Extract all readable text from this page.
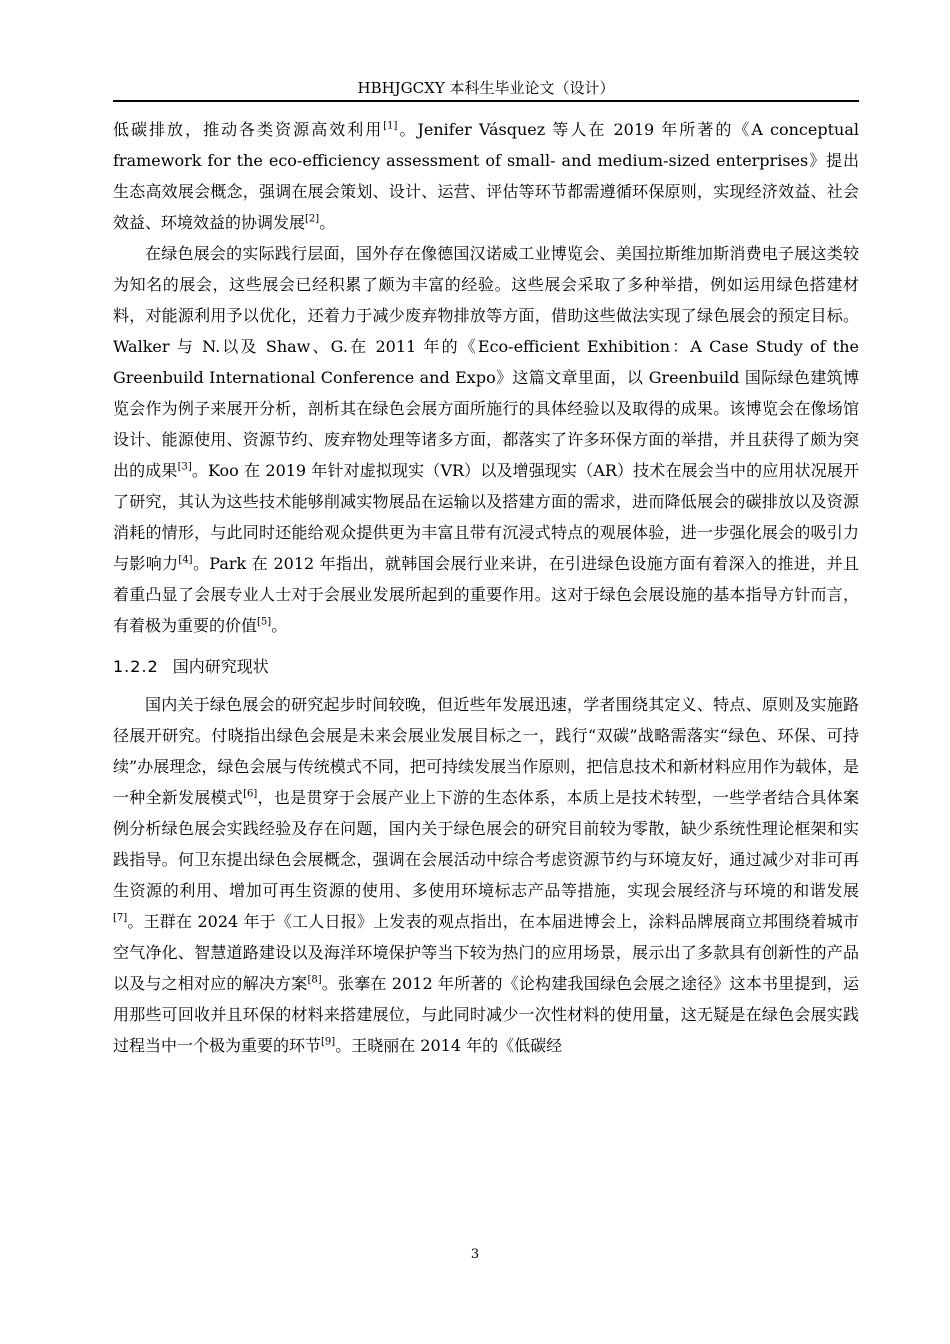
HBHJGCXY 本科生毕业论文（设计）

低碳排放，推动各类资源高效利用[1]。Jenifer Vásquez 等人在 2019 年所著的《A conceptual framework for the eco-efficiency assessment of small- and medium-sized enterprises》提出生态高效展会概念，强调在展会策划、设计、运营、评估等环节都需遵循环保原则，实现经济效益、社会效益、环境效益的协调发展[2]。

在绿色展会的实际践行层面，国外存在像德国汉诺威工业博览会、美国拉斯维加斯消费电子展这类较为知名的展会，这些展会已经积累了颇为丰富的经验。这些展会采取了多种举措，例如运用绿色搭建材料，对能源利用予以优化，还着力于减少废弃物排放等方面，借助这些做法实现了绿色展会的预定目标。Walker 与 N.以及 Shaw、G.在 2011 年的《Eco-efficient Exhibition：A Case Study of the Greenbuild International Conference and Expo》这篇文章里面，以 Greenbuild 国际绿色建筑博览会作为例子来展开分析，剖析其在绿色会展方面所施行的具体经验以及取得的成果。该博览会在像场馆设计、能源使用、资源节约、废弃物处理等诸多方面，都落实了许多环保方面的举措，并且获得了颇为突出的成果[3]。Koo 在 2019 年针对虚拟现实（VR）以及增强现实（AR）技术在展会当中的应用状况展开了研究，其认为这些技术能够削减实物展品在运输以及搭建方面的需求，进而降低展会的碳排放以及资源消耗的情形，与此同时还能给观众提供更为丰富且带有沉浸式特点的观展体验，进一步强化展会的吸引力与影响力[4]。Park 在 2012 年指出，就韩国会展行业来讲，在引进绿色设施方面有着深入的推进，并且着重凸显了会展专业人士对于会展业发展所起到的重要作用。这对于绿色会展设施的基本指导方针而言，有着极为重要的价值[5]。

1.2.2 国内研究现状

国内关于绿色展会的研究起步时间较晚，但近些年发展迅速，学者围绕其定义、特点、原则及实施路径展开研究。付晓指出绿色会展是未来会展业发展目标之一，践行“双碳”战略需落实“绿色、环保、可持续”办展理念，绿色会展与传统模式不同，把可持续发展当作原则，把信息技术和新材料应用作为载体，是一种全新发展模式[6]，也是贯穿于会展产业上下游的生态体系，本质上是技术转型，一些学者结合具体案例分析绿色展会实践经验及存在问题，国内关于绿色展会的研究目前较为零散，缺少系统性理论框架和实践指导。何卫东提出绿色会展概念，强调在会展活动中综合考虑资源节约与环境友好，通过减少对非可再生资源的利用、增加可再生资源的使用、多使用环境标志产品等措施，实现会展经济与环境的和谐发展[7]。王群在 2024 年于《工人日报》上发表的观点指出，在本届进博会上，涂料品牌展商立邦围绕着城市空气净化、智慧道路建设以及海洋环境保护等当下较为热门的应用场景，展示出了多款具有创新性的产品以及与之相对应的解决方案[8]。张搴在 2012 年所著的《论构建我国绿色会展之途径》这本书里提到，运用那些可回收并且环保的材料来搭建展位，与此同时减少一次性材料的使用量，这无疑是在绿色会展实践过程当中一个极为重要的环节[9]。王晓丽在 2014 年的《低碳经

3
